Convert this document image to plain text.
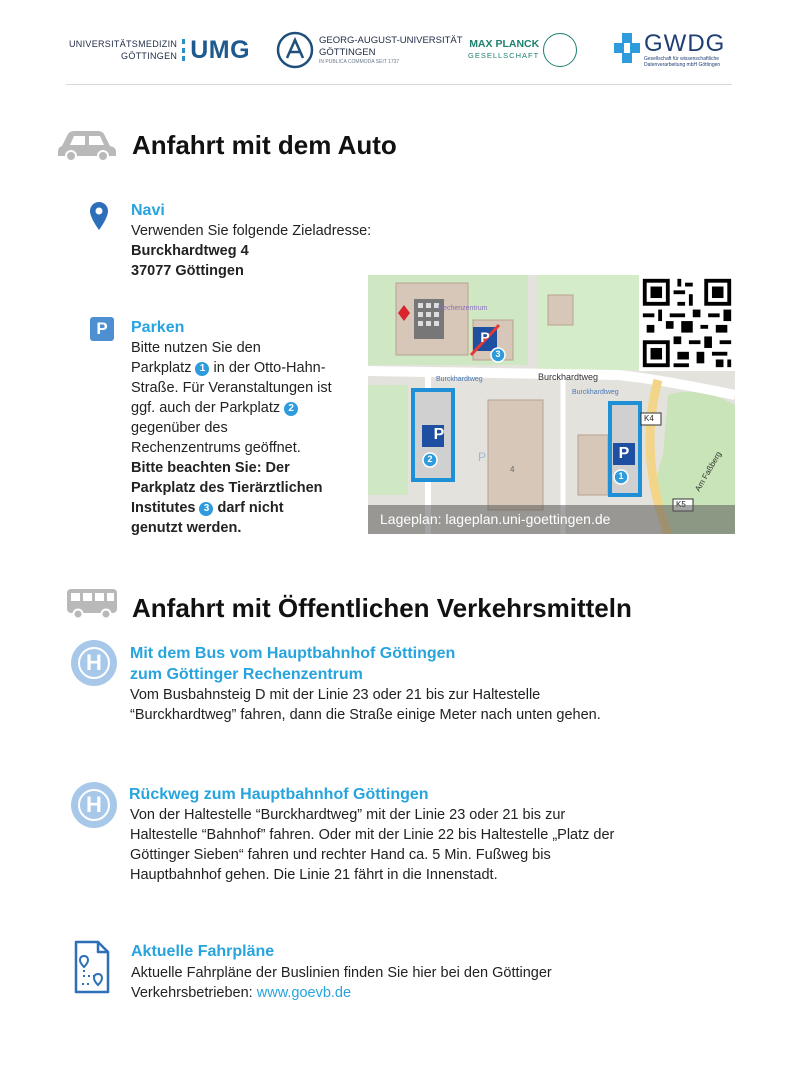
UNIVERSITÄTSMEDIZIN
GÖTTINGEN UMG	GEORG-AUGUST-UNIVERSITÄT
GÖTTINGEN
IN PUBLICA COMMODA SEIT 1737
MAX PLANCK
GESELLSCHAFT	GWDG
Gesellschaft für wissenschaftliche
Datenverarbeitung mbH Göttingen
Anfahrt mit dem Auto
Navi
Verwenden Sie folgende Zieladresse:
Burckhardtweg 4
37077 Göttingen
P	Parken
Bitte nutzen Sie den
Parkplatz 1 in der Otto-Hahn-
Straße. Für Veranstaltungen ist
ggf. auch der Parkplatz 2
gegenüber des
Rechenzentrums geöffnet.
Bitte beachten Sie: Der
Parkplatz des Tierärztlichen
Institutes 3 darf nicht
genutzt werden.
Rechenzentrum
Burckhardtweg
Burckhardtweg
Burckhardtweg
Am Faßberg
K4
P
P
P
P
4
3
2
1
Lageplan: lageplan.uni-goettingen.de
Anfahrt mit Öffentlichen Verkehrsmitteln
H	Mit dem Bus vom Hauptbahnhof Göttingen
zum Göttinger Rechenzentrum
Vom Busbahnsteig D mit der Linie 23 oder 21 bis zur Haltestelle
“Burckhardtweg” fahren, dann die Straße einige Meter nach unten gehen.
H	Rückweg zum Hauptbahnhof Göttingen
Von der Haltestelle “Burckhardtweg” mit der Linie 23 oder 21 bis zur
Haltestelle “Bahnhof” fahren. Oder mit der Linie 22 bis Haltestelle „Platz der
Göttinger Sieben“ fahren und rechter Hand ca. 5 Min. Fußweg bis
Hauptbahnhof gehen. Die Linie 21 fährt in die Innenstadt.
Aktuelle Fahrpläne
Aktuelle Fahrpläne der Buslinien finden Sie hier bei den Göttinger
Verkehrsbetrieben: www.goevb.de
